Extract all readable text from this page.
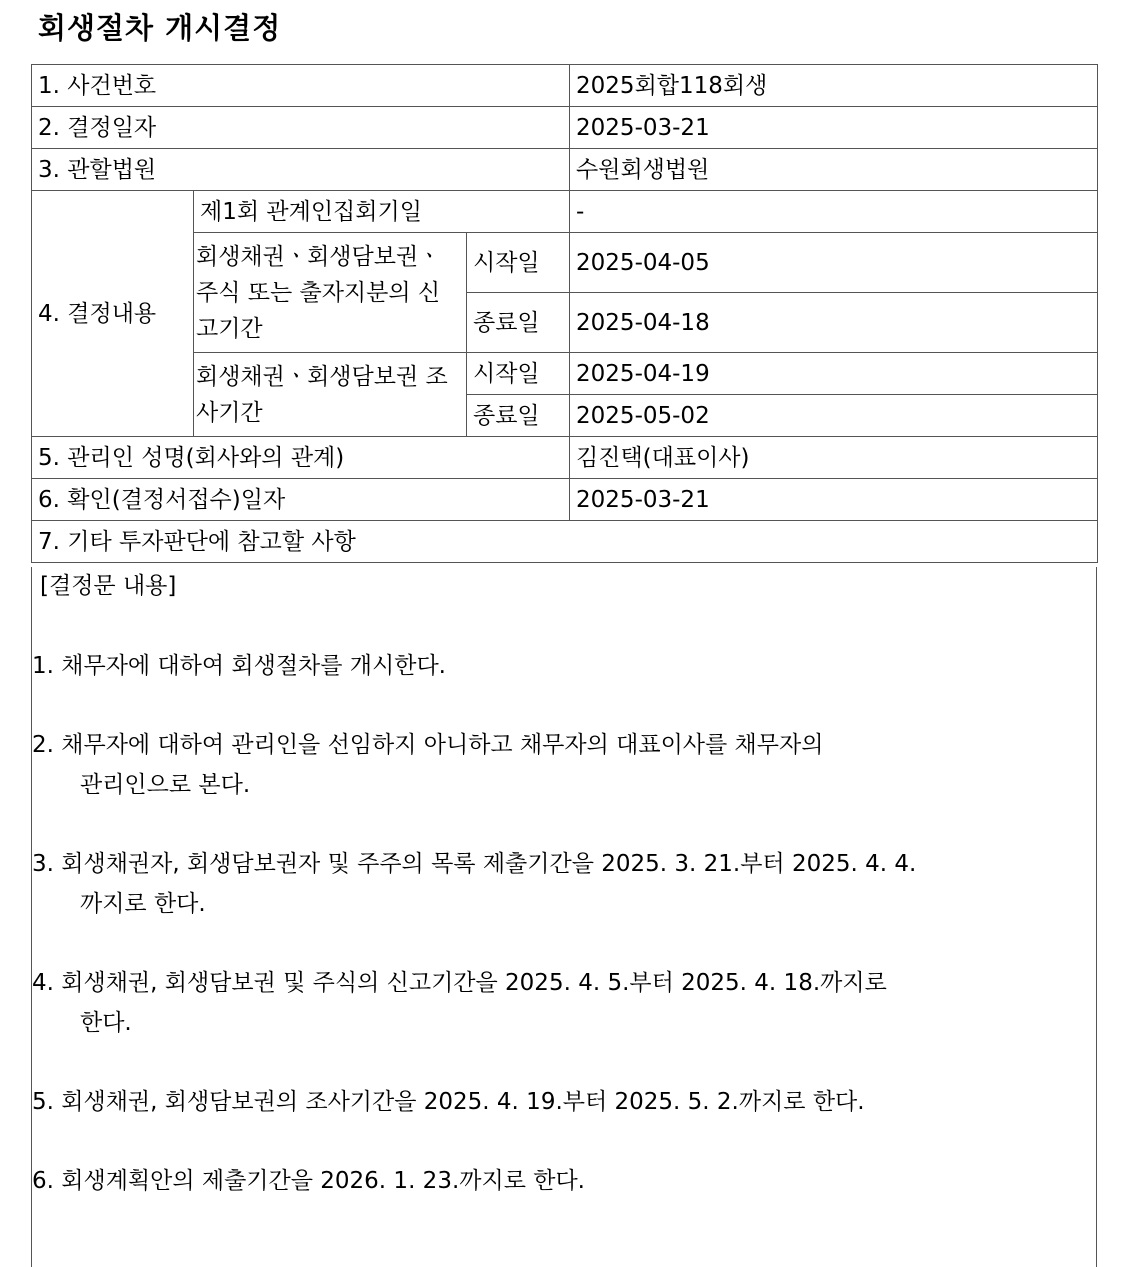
회생절차 개시결정
1. 사건번호			2025회합118회생
2. 결정일자			2025-03-21
3. 관할법원			수원회생법원
4. 결정내용	제1회 관계인집회기일		-
	회생채권ㆍ회생담보권ㆍ주식 또는 출자지분의 신고기간	시작일	2025-04-05
		종료일	2025-04-18
	회생채권ㆍ회생담보권 조사기간	시작일	2025-04-19
		종료일	2025-05-02
5. 관리인 성명(회사와의 관계)			김진택(대표이사)
6. 확인(결정서접수)일자			2025-03-21
7. 기타 투자판단에 참고할 사항			
[결정문 내용]
1. 채무자에 대하여 회생절차를 개시한다.
2. 채무자에 대하여 관리인을 선임하지 아니하고 채무자의 대표이사를 채무자의
관리인으로 본다.
3. 회생채권자, 회생담보권자 및 주주의 목록 제출기간을 2025. 3. 21.부터 2025. 4. 4.
까지로 한다.
4. 회생채권, 회생담보권 및 주식의 신고기간을 2025. 4. 5.부터 2025. 4. 18.까지로
한다.
5. 회생채권, 회생담보권의 조사기간을 2025. 4. 19.부터 2025. 5. 2.까지로 한다.
6. 회생계획안의 제출기간을 2026. 1. 23.까지로 한다.
